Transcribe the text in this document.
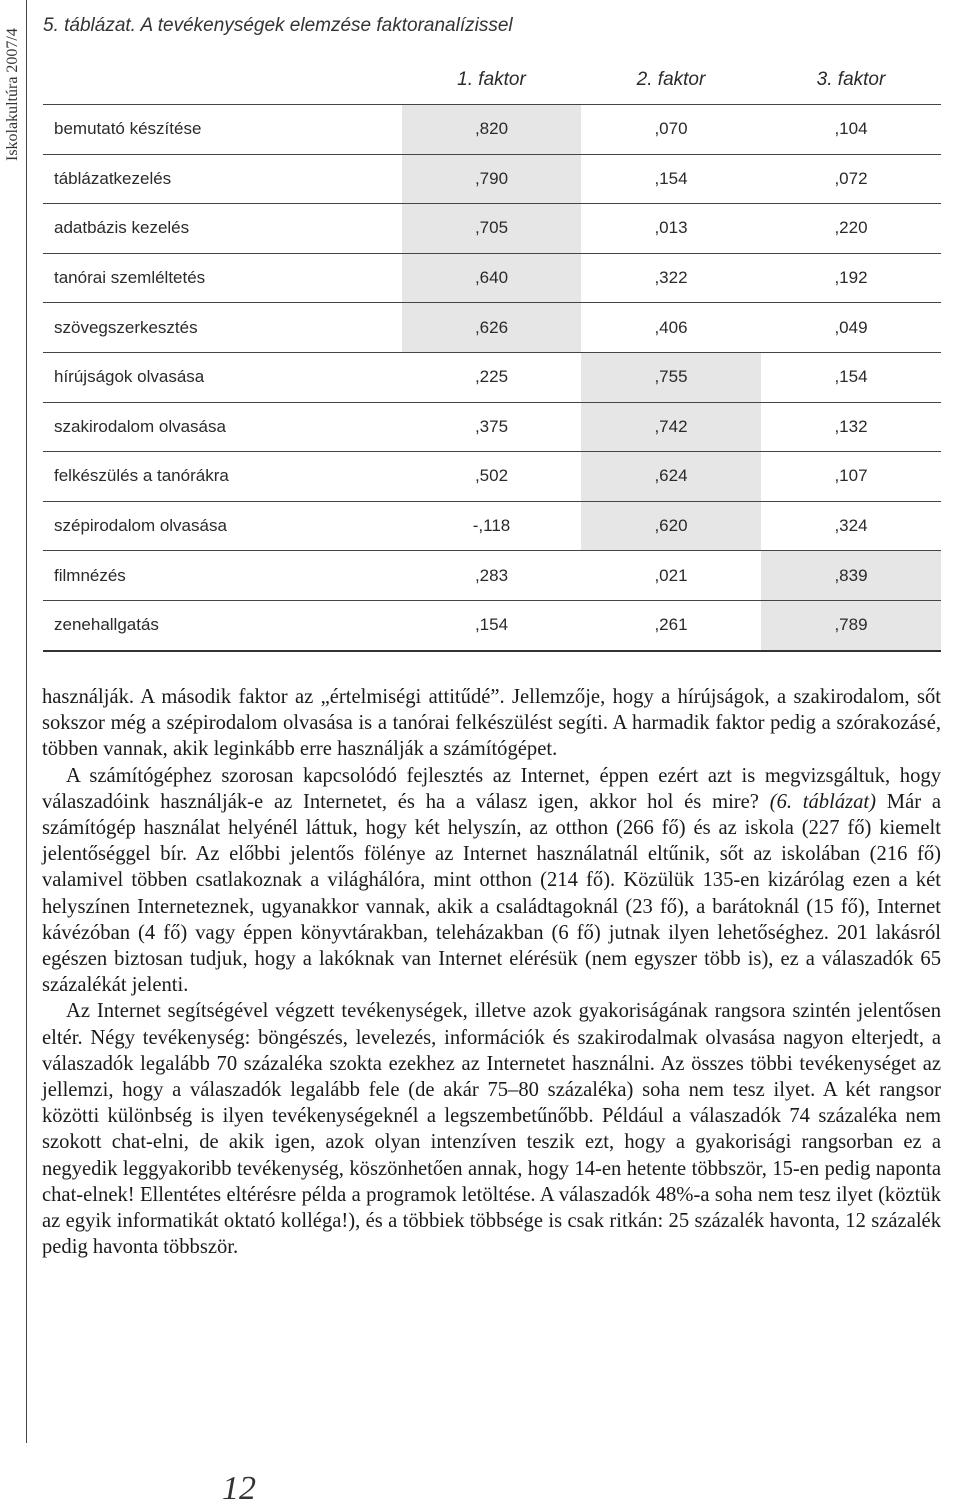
Iskolakultúra 2007/4
5. táblázat. A tevékenységek elemzése faktoranalízissel
	1. faktor	2. faktor	3. faktor
bemutató készítése	,820	,070	,104
táblázatkezelés	,790	,154	,072
adatbázis kezelés	,705	,013	,220
tanórai szemléltetés	,640	,322	,192
szövegszerkesztés	,626	,406	,049
hírújságok olvasása	,225	,755	,154
szakirodalom olvasása	,375	,742	,132
felkészülés a tanórákra	,502	,624	,107
szépirodalom olvasása	-,118	,620	,324
filmnézés	,283	,021	,839
zenehallgatás	,154	,261	,789

használják. A második faktor az „értelmiségi attitűdé”. Jellemzője, hogy a hírújságok, a szakirodalom, sőt sokszor még a szépirodalom olvasása is a tanórai felkészülést segíti. A harmadik faktor pedig a szórakozásé, többen vannak, akik leginkább erre használják a számítógépet.

A számítógéphez szorosan kapcsolódó fejlesztés az Internet, éppen ezért azt is megvizsgáltuk, hogy válaszadóink használják-e az Internetet, és ha a válasz igen, akkor hol és mire? (6. táblázat) Már a számítógép használat helyénél láttuk, hogy két helyszín, az otthon (266 fő) és az iskola (227 fő) kiemelt jelentőséggel bír. Az előbbi jelentős fölénye az Internet használatnál eltűnik, sőt az iskolában (216 fő) valamivel többen csatlakoznak a világhálóra, mint otthon (214 fő). Közülük 135-en kizárólag ezen a két helyszínen Interneteznek, ugyanakkor vannak, akik a családtagoknál (23 fő), a barátoknál (15 fő), Internet kávézóban (4 fő) vagy éppen könyvtárakban, teleházakban (6 fő) jutnak ilyen lehetőséghez. 201 lakásról egészen biztosan tudjuk, hogy a lakóknak van Internet elérésük (nem egyszer több is), ez a válaszadók 65 százalékát jelenti.

Az Internet segítségével végzett tevékenységek, illetve azok gyakoriságának rangsora szintén jelentősen eltér. Négy tevékenység: böngészés, levelezés, információk és szakirodalmak olvasása nagyon elterjedt, a válaszadók legalább 70 százaléka szokta ezekhez az Internetet használni. Az összes többi tevékenységet az jellemzi, hogy a válaszadók legalább fele (de akár 75–80 százaléka) soha nem tesz ilyet. A két rangsor közötti különbség is ilyen tevékenységeknél a legszembetűnőbb. Például a válaszadók 74 százaléka nem szokott chat-elni, de akik igen, azok olyan intenzíven teszik ezt, hogy a gyakorisági rangsorban ez a negyedik leggyakoribb tevékenység, köszönhetően annak, hogy 14-en hetente többször, 15-en pedig naponta chat-elnek! Ellentétes eltérésre példa a programok letöltése. A válaszadók 48%-a soha nem tesz ilyet (köztük az egyik informatikát oktató kolléga!), és a többiek többsége is csak ritkán: 25 százalék havonta, 12 százalék pedig havonta többször.

12
